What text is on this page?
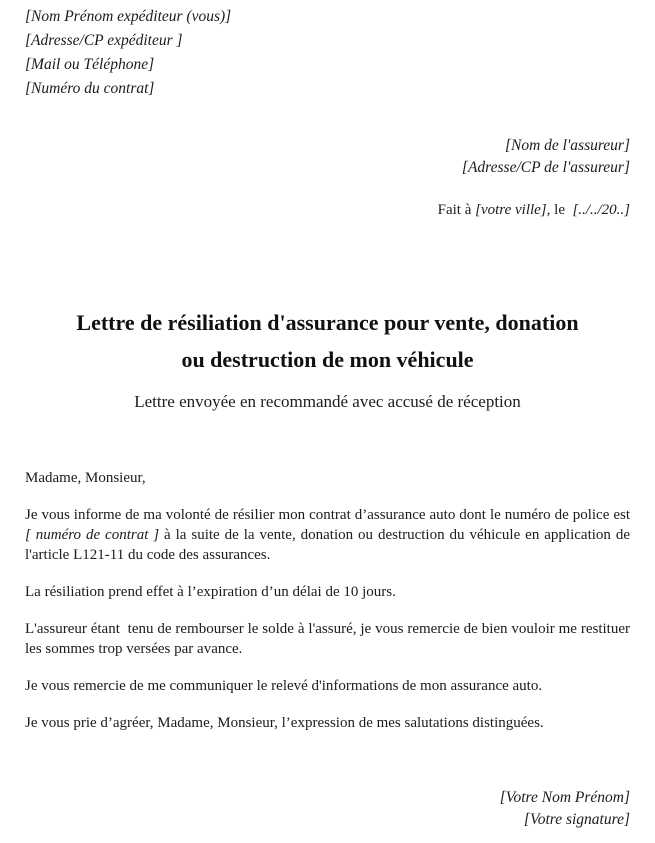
[Nom Prénom expéditeur (vous)]
[Adresse/CP expéditeur ]
[Mail ou Téléphone]
[Numéro du contrat]
[Nom de l'assureur]
[Adresse/CP de l'assureur]
Fait à [votre ville], le  [../../20..]
Lettre de résiliation d'assurance pour vente, donation
ou destruction de mon véhicule
Lettre envoyée en recommandé avec accusé de réception

Madame, Monsieur,

Je vous informe de ma volonté de résilier mon contrat d’assurance auto dont le numéro de police est [ numéro de contrat ] à la suite de la vente, donation ou destruction du véhicule en application de l'article L121-11 du code des assurances.

La résiliation prend effet à l’expiration d’un délai de 10 jours.

L'assureur étant  tenu de rembourser le solde à l'assuré, je vous remercie de bien vouloir me restituer les sommes trop versées par avance.

Je vous remercie de me communiquer le relevé d'informations de mon assurance auto.

Je vous prie d’agréer, Madame, Monsieur, l’expression de mes salutations distinguées.

[Votre Nom Prénom]
[Votre signature]
